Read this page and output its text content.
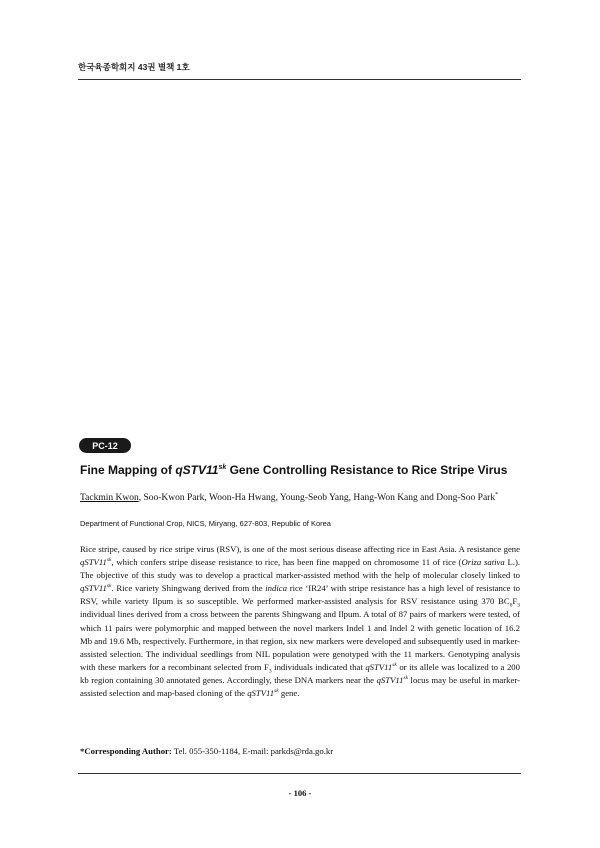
한국육종학회지 43권 별책 1호
PC-12
Fine Mapping of $qSTV11^{sk}$ Gene Controlling Resistance to Rice Stripe Virus
Tackmin Kwon, Soo-Kwon Park, Woon-Ha Hwang, Young-Seob Yang, Hang-Won Kang and Dong-Soo Park*
Department of Functional Crop, NICS, Miryang, 627-803, Republic of Korea

Rice stripe, caused by rice stripe virus (RSV), is one of the most serious disease affecting rice in East Asia. A resistance gene $qSTV11^{sk}$, which confers stripe disease resistance to rice, has been fine mapped on chromosome 11 of rice (Oriza sativa L.). The objective of this study was to develop a practical marker-assisted method with the help of molecular closely linked to $qSTV11^{sk}$. Rice variety Shingwang derived from the indica rice ‘IR24’ with stripe resistance has a high level of resistance to RSV, while variety Ilpum is so susceptible. We performed marker-assisted analysis for RSV resistance using 370 $BC_6F_3$ individual lines derived from a cross between the parents Shingwang and Ilpum. A total of 87 pairs of markers were tested, of which 11 pairs were polymorphic and mapped between the novel markers Indel 1 and Indel 2 with genetic location of 16.2 Mb and 19.6 Mb, respectively. Furthermore, in that region, six new markers were developed and subsequently used in marker-assisted selection. The individual seedlings from NIL population were genotyped with the 11 markers. Genotyping analysis with these markers for a recombinant selected from $F_3$ individuals indicated that $qSTV11^{sk}$ or its allele was localized to a 200 kb region containing 30 annotated genes. Accordingly, these DNA markers near the $qSTV11^{sk}$ locus may be useful in marker-assisted selection and map-based cloning of the $qSTV11^{sk}$ gene.

*Corresponding Author: Tel. 055-350-1184, E-mail: parkds@rda.go.kr
- 106 -
